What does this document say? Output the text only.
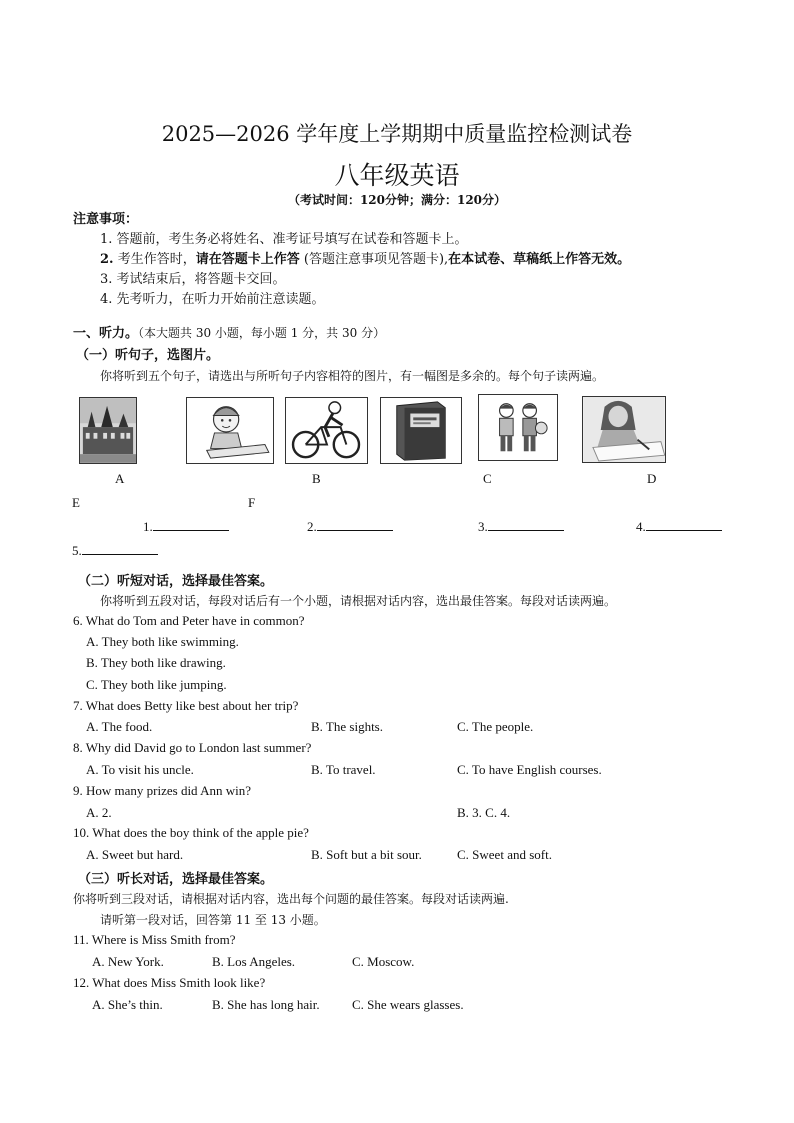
2025—2026 学年度上学期期中质量监控检测试卷
八年级英语
（考试时间：120分钟；满分：120分）
注意事项：
1. 答题前，考生务必将姓名、准考证号填写在试卷和答题卡上。
2. 考生作答时，请在答题卡上作答 (答题注意事项见答题卡),在本试卷、草稿纸上作答无效。
3. 考试结束后，将答题卡交回。
4. 先考听力，在听力开始前注意读题。
一、听力。（本大题共 30 小题，每小题 1 分，共 30 分）
（一）听句子，选图片。
你将听到五个句子，请选出与所听句子内容相符的图片，有一幅图是多余的。每个句子读两遍。
A	B	C	D
E	F
1.	2.	3.	4.
5.
（二）听短对话，选择最佳答案。
你将听到五段对话，每段对话后有一个小题，请根据对话内容，选出最佳答案。每段对话读两遍。
6. What do Tom and Peter have in common?
A. They both like swimming.
B. They both like drawing.
C. They both like jumping.
7. What does Betty like best about her trip?
A. The food.	B. The sights.	C. The people.
8. Why did David go to London last summer?
A. To visit his uncle.	B. To travel.	C. To have English courses.
9. How many prizes did Ann win?
A. 2.	B. 3. C. 4.
10. What does the boy think of the apple pie?
A. Sweet but hard.	B. Soft but a bit sour.	C. Sweet and soft.
（三）听长对话，选择最佳答案。
你将听到三段对话，请根据对话内容，选出每个问题的最佳答案。每段对话读两遍.
请听第一段对话，回答第 11 至 13 小题。
11. Where is Miss Smith from?
A. New York.	B. Los Angeles.	C. Moscow.
12. What does Miss Smith look like?
A. She’s thin.	B. She has long hair. C. She wears glasses.
